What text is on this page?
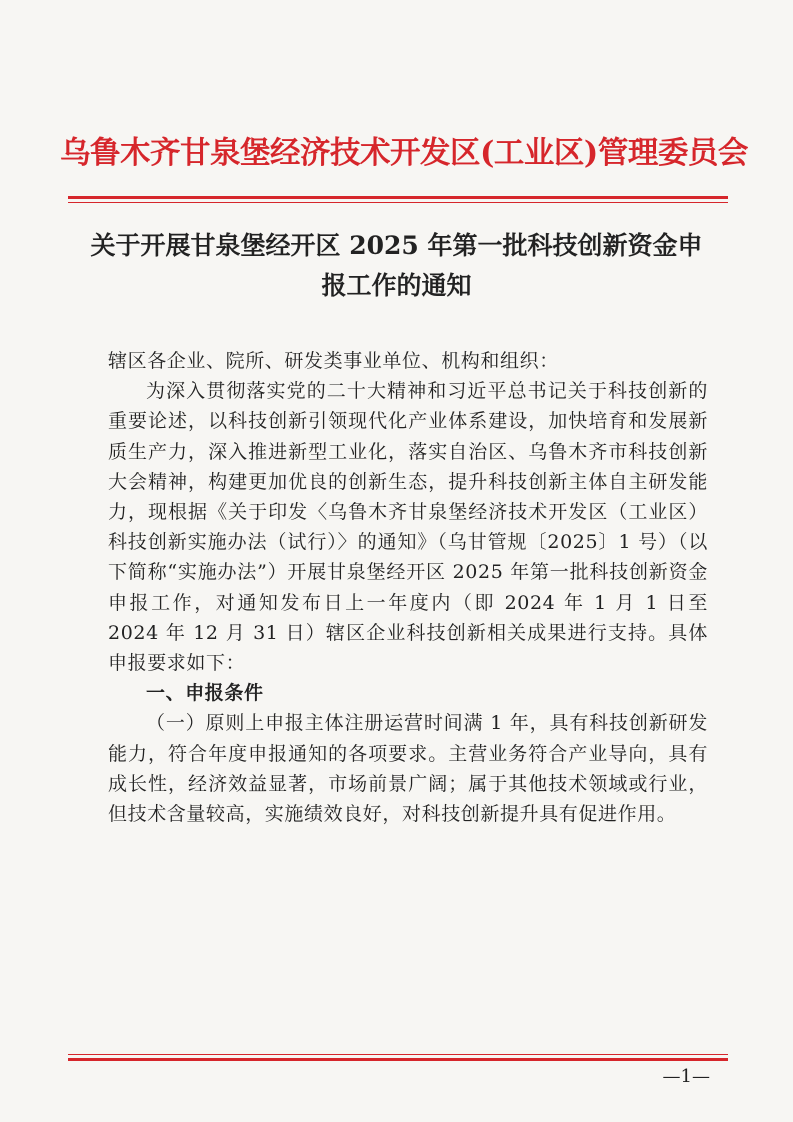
乌鲁木齐甘泉堡经济技术开发区(工业区)管理委员会
关于开展甘泉堡经开区 2025 年第一批科技创新资金申报工作的通知

辖区各企业、院所、研发类事业单位、机构和组织：

为深入贯彻落实党的二十大精神和习近平总书记关于科技创新的重要论述，以科技创新引领现代化产业体系建设，加快培育和发展新质生产力，深入推进新型工业化，落实自治区、乌鲁木齐市科技创新大会精神，构建更加优良的创新生态，提升科技创新主体自主研发能力，现根据《关于印发〈乌鲁木齐甘泉堡经济技术开发区（工业区）科技创新实施办法（试行）〉的通知》（乌甘管规〔2025〕1 号）（以下简称“实施办法”）开展甘泉堡经开区 2025 年第一批科技创新资金申报工作，对通知发布日上一年度内（即 2024 年 1 月 1 日至 2024 年 12 月 31 日）辖区企业科技创新相关成果进行支持。具体申报要求如下：

一、申报条件

（一）原则上申报主体注册运营时间满 1 年，具有科技创新研发能力，符合年度申报通知的各项要求。主营业务符合产业导向，具有成长性，经济效益显著，市场前景广阔；属于其他技术领域或行业，但技术含量较高，实施绩效良好，对科技创新提升具有促进作用。

—1—
